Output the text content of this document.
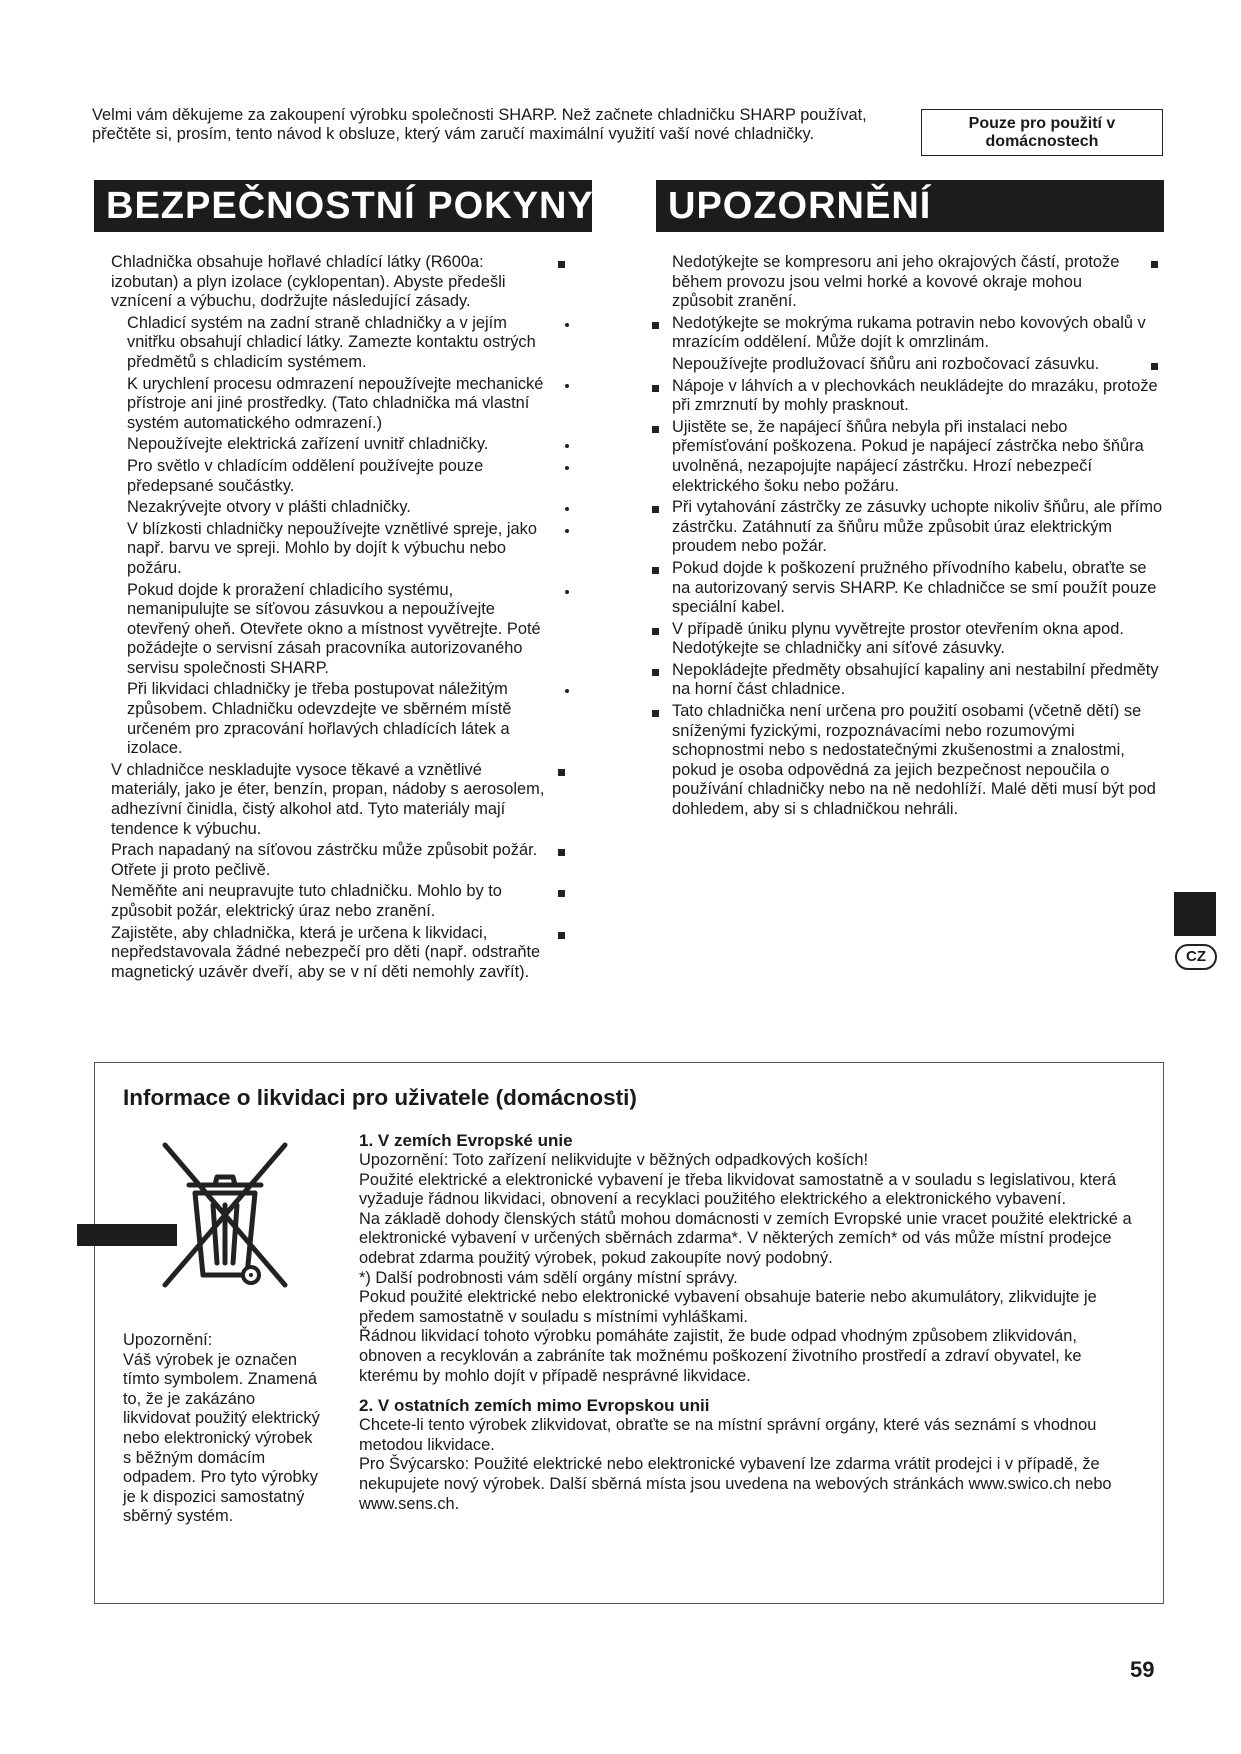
Velmi vám děkujeme za zakoupení výrobku společnosti SHARP. Než začnete chladničku SHARP používat, přečtěte si, prosím, tento návod k obsluze, který vám zaručí maximální využití vaší nové chladničky.
Pouze pro použití v domácnostech
BEZPEČNOSTNÍ POKYNY	UPOZORNĚNÍ
Chladnička obsahuje hořlavé chladící látky (R600a: izobutan) a plyn izolace (cyklopentan). Abyste předešli vznícení a výbuchu, dodržujte následující zásady.
Chladicí systém na zadní straně chladničky a v jejím vnitřku obsahují chladicí látky. Zamezte kontaktu ostrých předmětů s chladicím systémem.
K urychlení procesu odmrazení nepoužívejte mechanické přístroje ani jiné prostředky. (Tato chladnička má vlastní systém automatického odmrazení.)
Nepoužívejte elektrická zařízení uvnitř chladničky.
Pro světlo v chladícím oddělení používejte pouze předepsané součástky.
Nezakrývejte otvory v plášti chladničky.
V blízkosti chladničky nepoužívejte vznětlivé spreje, jako např. barvu ve spreji. Mohlo by dojít k výbuchu nebo požáru.
Pokud dojde k proražení chladicího systému, nemanipulujte se síťovou zásuvkou a nepoužívejte otevřený oheň. Otevřete okno a místnost vyvětrejte. Poté požádejte o servisní zásah pracovníka autorizovaného servisu společnosti SHARP.
Při likvidaci chladničky je třeba postupovat náležitým způsobem. Chladničku odevzdejte ve sběrném místě určeném pro zpracování hořlavých chladících látek a izolace.
V chladničce neskladujte vysoce těkavé a vznětlivé materiály, jako je éter, benzín, propan, nádoby s aerosolem, adhezívní činidla, čistý alkohol atd. Tyto materiály mají tendence k výbuchu.
Prach napadaný na síťovou zástrčku může způsobit požár. Otřete ji proto pečlivě.
Neměňte ani neupravujte tuto chladničku. Mohlo by to způsobit požár, elektrický úraz nebo zranění.
Zajistěte, aby chladnička, která je určena k likvidaci, nepředstavovala žádné nebezpečí pro děti (např. odstraňte magnetický uzávěr dveří, aby se v ní děti nemohly zavřít).
Nedotýkejte se kompresoru ani jeho okrajových částí, protože během provozu jsou velmi horké a kovové okraje mohou způsobit zranění.
Nedotýkejte se mokrýma rukama potravin nebo kovových obalů v mrazícím oddělení. Může dojít k omrzlinám.
Nepoužívejte prodlužovací šňůru ani rozbočovací zásuvku.
Nápoje v láhvích a v plechovkách neukládejte do mrazáku, protože při zmrznutí by mohly prasknout.
Ujistěte se, že napájecí šňůra nebyla při instalaci nebo přemísťování poškozena. Pokud je napájecí zástrčka nebo šňůra uvolněná, nezapojujte napájecí zástrčku. Hrozí nebezpečí elektrického šoku nebo požáru.
Při vytahování zástrčky ze zásuvky uchopte nikoliv šňůru, ale přímo zástrčku. Zatáhnutí za šňůru může způsobit úraz elektrickým proudem nebo požár.
Pokud dojde k poškození pružného přívodního kabelu, obraťte se na autorizovaný servis SHARP. Ke chladničce se smí použít pouze speciální kabel.
V případě úniku plynu vyvětrejte prostor otevřením okna apod. Nedotýkejte se chladničky ani síťové zásuvky.
Nepokládejte předměty obsahující kapaliny ani nestabilní předměty na horní část chladnice.
Tato chladnička není určena pro použití osobami (včetně dětí) se sníženými fyzickými, rozpoznávacími nebo rozumovými schopnostmi nebo s nedostatečnými zkušenostmi a znalostmi, pokud je osoba odpovědná za jejich bezpečnost nepoučila o používání chladničky nebo na ně nedohlíží. Malé děti musí být pod dohledem, aby si s chladničkou nehráli.
CZ
Informace o likvidaci pro uživatele (domácnosti)
Upozornění:
Váš výrobek je označen tímto symbolem. Znamená to, že je zakázáno likvidovat použitý elektrický nebo elektronický výrobek s běžným domácím odpadem. Pro tyto výrobky je k dispozici samostatný sběrný systém.
1. V zemích Evropské unie

Upozornění: Toto zařízení nelikvidujte v běžných odpadkových koších!

Použité elektrické a elektronické vybavení je třeba likvidovat samostatně a v souladu s legislativou, která vyžaduje řádnou likvidaci, obnovení a recyklaci použitého elektrického a elektronického vybavení.

Na základě dohody členských států mohou domácnosti v zemích Evropské unie vracet použité elektrické a elektronické vybavení v určených sběrnách zdarma*. V některých zemích* od vás může místní prodejce odebrat zdarma použitý výrobek, pokud zakoupíte nový podobný.

*) Další podrobnosti vám sdělí orgány místní správy.

Pokud použité elektrické nebo elektronické vybavení obsahuje baterie nebo akumulátory, zlikvidujte je předem samostatně v souladu s místními vyhláškami.

Řádnou likvidací tohoto výrobku pomáháte zajistit, že bude odpad vhodným způsobem zlikvidován, obnoven a recyklován a zabráníte tak možnému poškození životního prostředí a zdraví obyvatel, ke kterému by mohlo dojít v případě nesprávné likvidace.

2. V ostatních zemích mimo Evropskou unii

Chcete-li tento výrobek zlikvidovat, obraťte se na místní správní orgány, které vás seznámí s vhodnou metodou likvidace.

Pro Švýcarsko: Použité elektrické nebo elektronické vybavení lze zdarma vrátit prodejci i v případě, že nekupujete nový výrobek. Další sběrná místa jsou uvedena na webových stránkách www.swico.ch nebo www.sens.ch.

59
